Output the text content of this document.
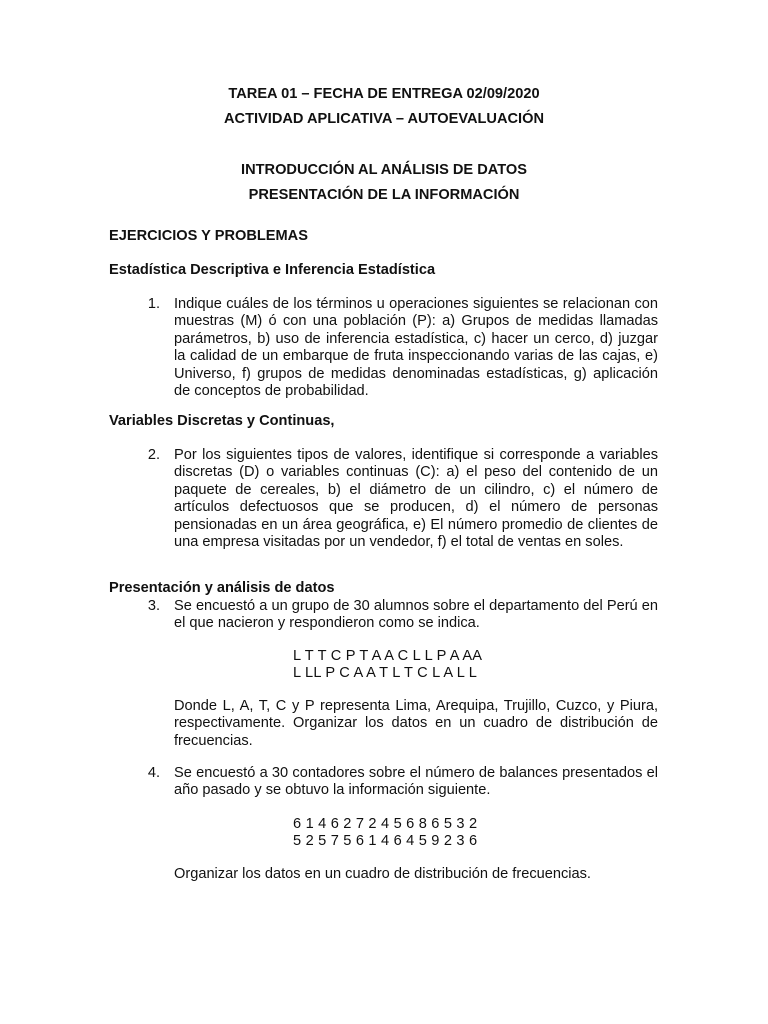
TAREA 01 – FECHA DE ENTREGA 02/09/2020
ACTIVIDAD APLICATIVA – AUTOEVALUACIÓN
INTRODUCCIÓN AL ANÁLISIS DE DATOS
PRESENTACIÓN DE LA INFORMACIÓN
EJERCICIOS Y PROBLEMAS
Estadística Descriptiva e Inferencia Estadística
1. Indique cuáles de los términos u operaciones siguientes se relacionan con muestras (M) ó con una población (P): a) Grupos de medidas llamadas parámetros, b) uso de inferencia estadística, c) hacer un cerco, d) juzgar la calidad de un embarque de fruta inspeccionando varias de las cajas, e) Universo, f) grupos de medidas denominadas estadísticas, g) aplicación de conceptos de probabilidad.
Variables Discretas y Continuas,
2. Por los siguientes tipos de valores, identifique si corresponde a variables discretas (D) o variables continuas (C): a) el peso del contenido de un paquete de cereales, b) el diámetro de un cilindro, c) el número de artículos defectuosos que se producen, d) el número de personas pensionadas en un área geográfica, e) El número promedio de clientes de una empresa visitadas por un vendedor, f) el total de ventas en soles.
Presentación y análisis de datos
3. Se encuestó a un grupo de 30 alumnos sobre el departamento del Perú en el que nacieron y respondieron como se indica.
L T T C P T A A C L L P A AA
L LL P C A A T L T C L A L L
Donde L, A, T, C y P representa Lima, Arequipa, Trujillo, Cuzco, y Piura, respectivamente. Organizar los datos en un cuadro de distribución de frecuencias.
4. Se encuestó a 30 contadores sobre el número de balances presentados el año pasado y se obtuvo la información siguiente.
6 1 4 6 2 7 2 4 5 6 8 6 5 3 2
5 2 5 7 5 6 1 4 6 4 5 9 2 3 6
Organizar los datos en un cuadro de distribución de frecuencias.
